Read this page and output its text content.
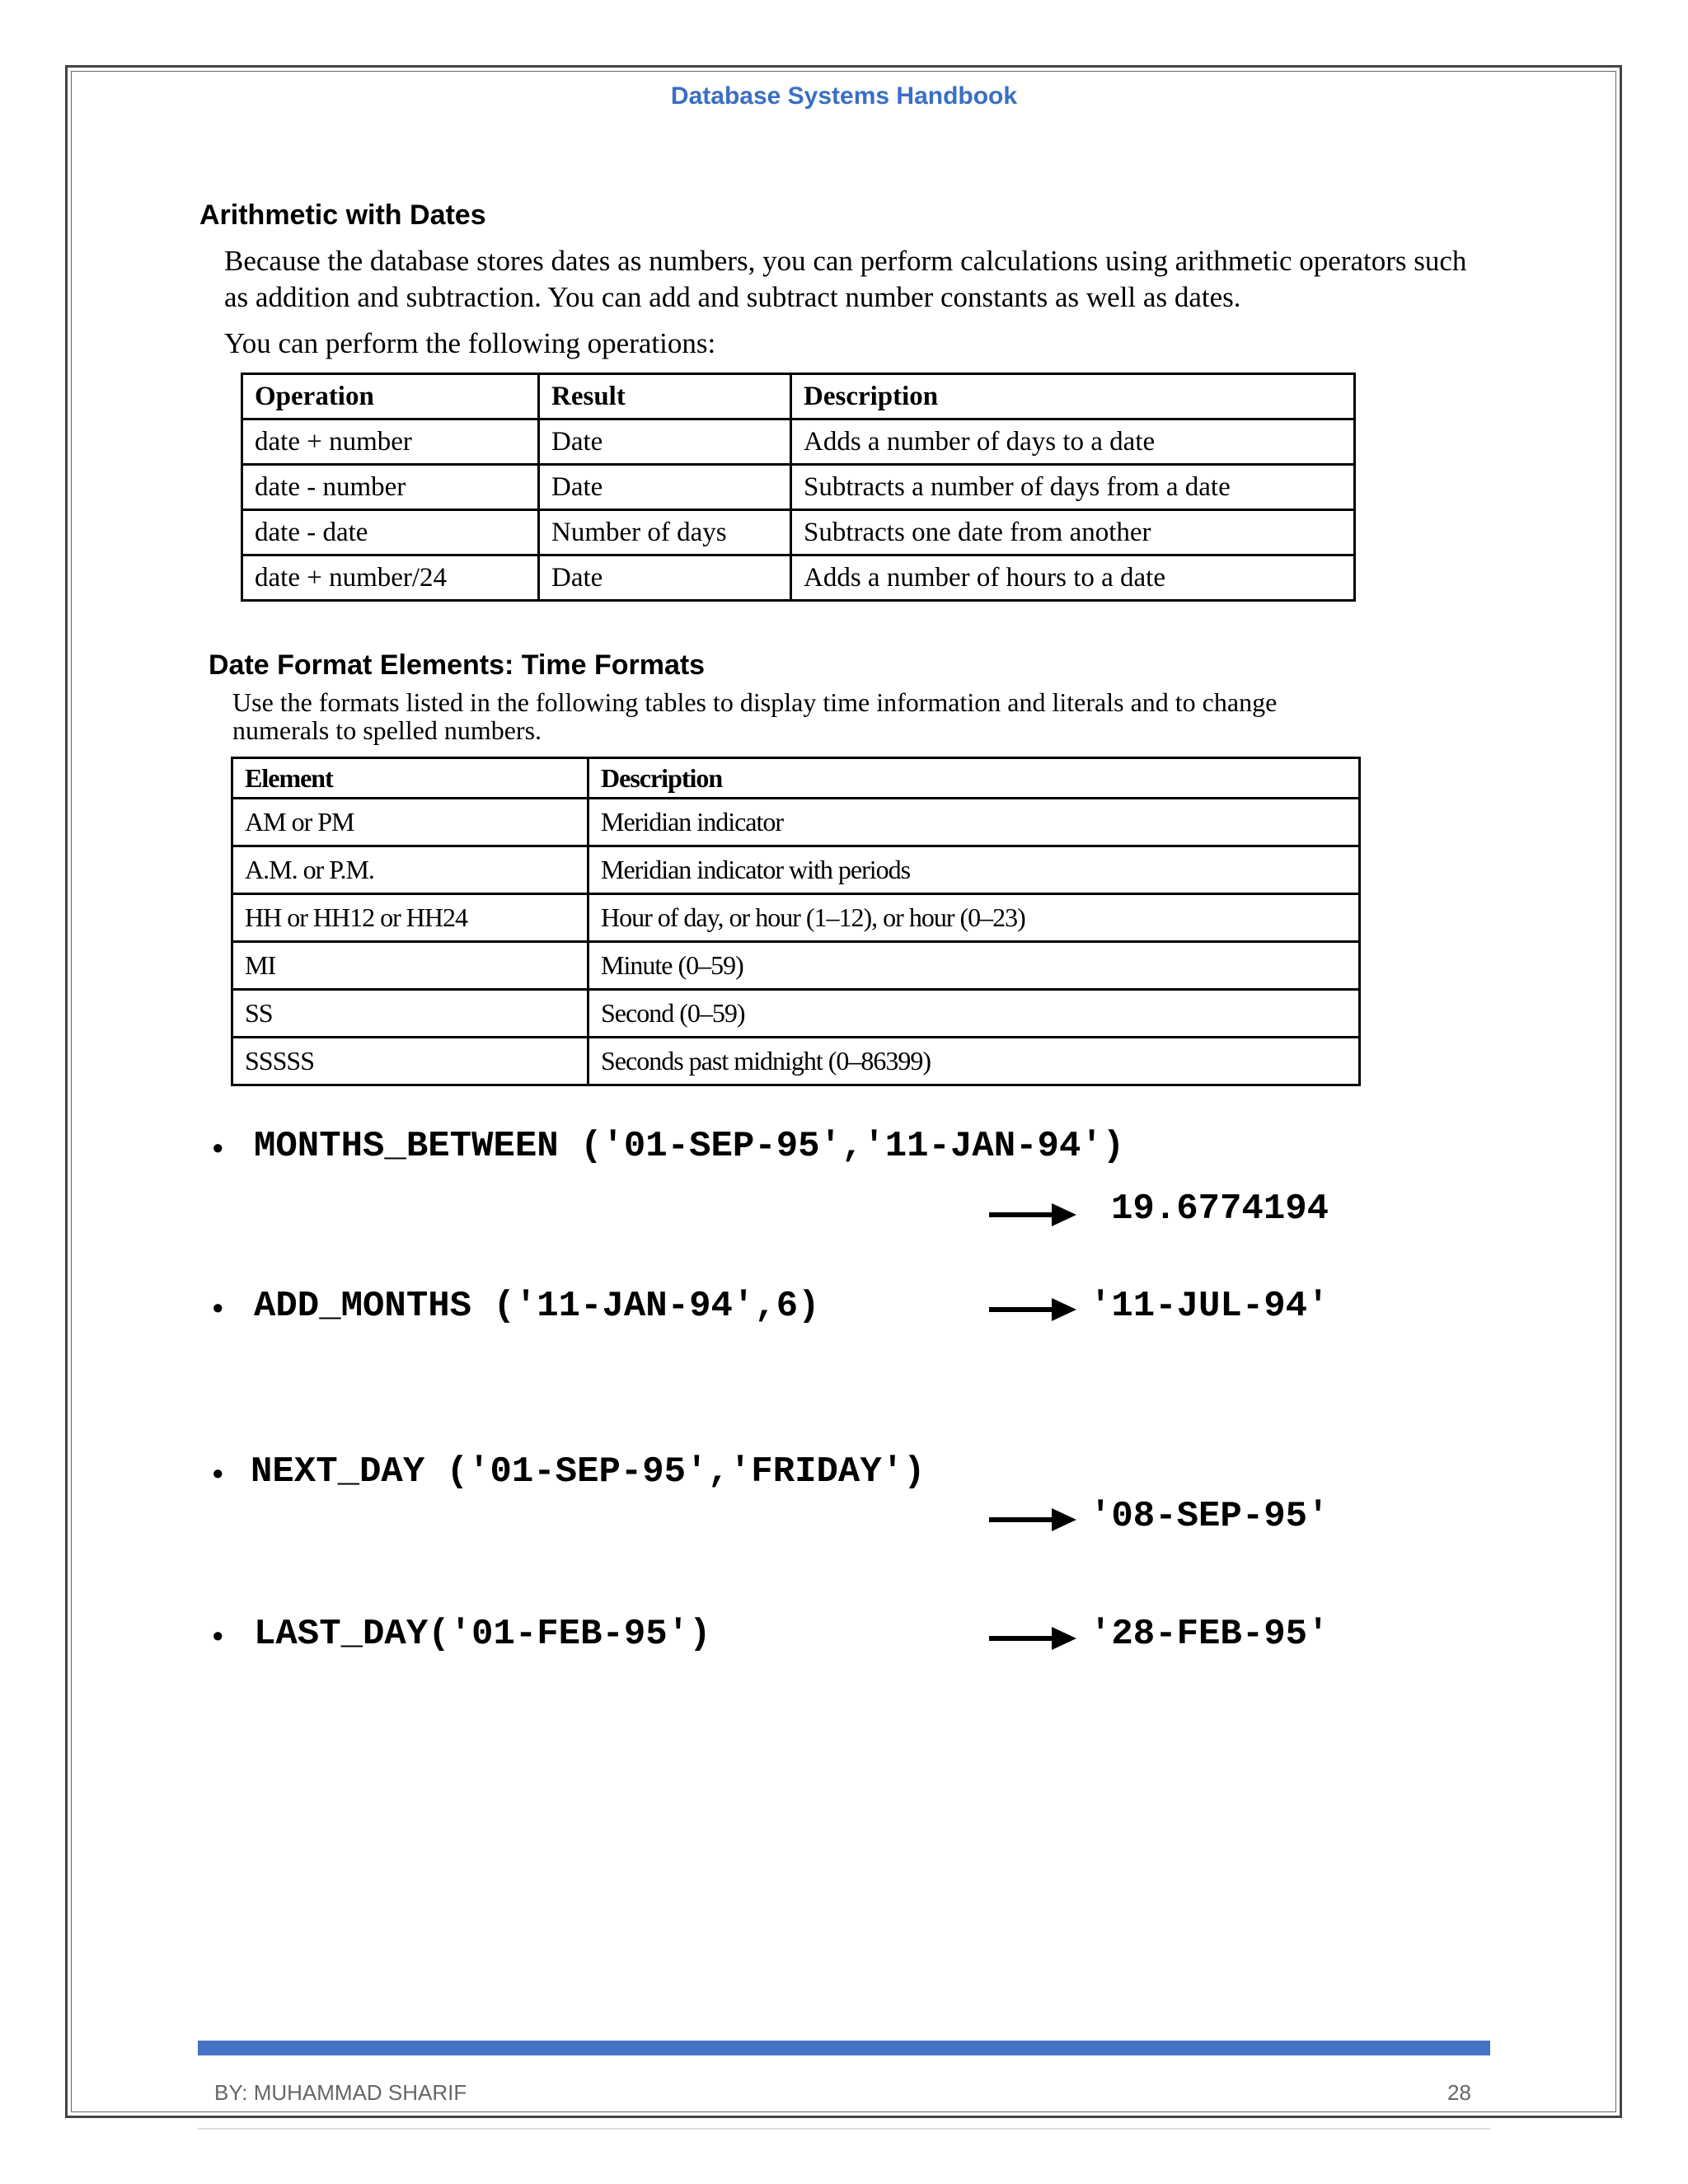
Database Systems Handbook
Arithmetic with Dates
Because the database stores dates as numbers, you can perform calculations using arithmetic operators such
as addition and subtraction. You can add and subtract number constants as well as dates.
You can perform the following operations:
Operation	Result	Description
date + number	Date	Adds a number of days to a date
date - number	Date	Subtracts a number of days from a date
date - date	Number of days	Subtracts one date from another
date + number/24	Date	Adds a number of hours to a date
Date Format Elements: Time Formats
Use the formats listed in the following tables to display time information and literals and to change
numerals to spelled numbers.
Element	Description
AM or PM	Meridian indicator
A.M. or P.M.	Meridian indicator with periods
HH or HH12 or HH24	Hour of day, or hour (1–12), or hour (0–23)
MI	Minute (0–59)
SS	Second (0–59)
SSSSS	Seconds past midnight (0–86399)
• MONTHS_BETWEEN ('01-SEP-95','11-JAN-94')
19.6774194
• ADD_MONTHS ('11-JAN-94',6)	'11-JUL-94'
• NEXT_DAY ('01-SEP-95','FRIDAY')
'08-SEP-95'
• LAST_DAY('01-FEB-95')	'28-FEB-95'
BY: MUHAMMAD SHARIF	28
